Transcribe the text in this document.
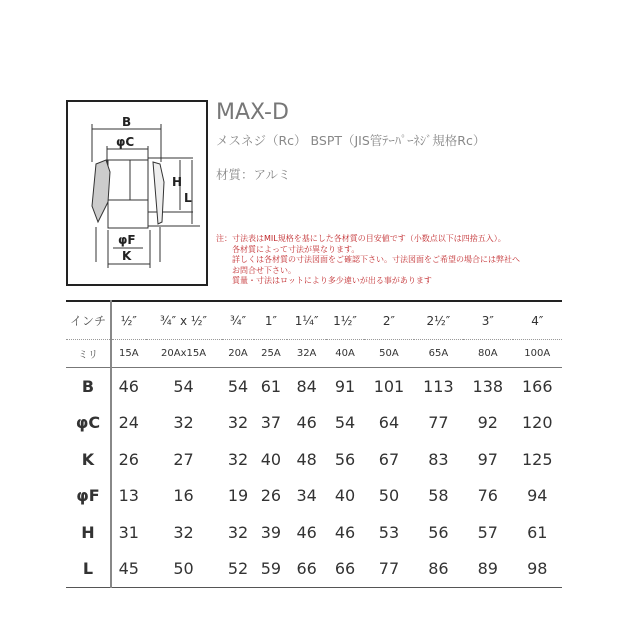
B
φC
H
L
φF
K
MAX-D
メスネジ（Rc） BSPT（JIS管ﾃｰﾊﾟｰﾈｼﾞ規格Rc）
材質：アルミ
注：寸法表はMIL規格を基にした各材質の目安値です（小数点以下は四捨五入）。
各材質によって寸法が異なります。
詳しくは各材質の寸法図面をご確認下さい。寸法図面をご希望の場合には弊社へ
お問合せ下さい。
質量・寸法はロットにより多少違いが出る事があります
インチ	½″	¾″ x ½″	¾″	1″	1¼″	1½″	2″	2½″	3″	4″
ミリ	15A	20Ax15A	20A	25A	32A	40A	50A	65A	80A	100A
B	46	54	54	61	84	91	101	113	138	166
φC	24	32	32	37	46	54	64	77	92	120
K	26	27	32	40	48	56	67	83	97	125
φF	13	16	19	26	34	40	50	58	76	94
H	31	32	32	39	46	46	53	56	57	61
L	45	50	52	59	66	66	77	86	89	98
